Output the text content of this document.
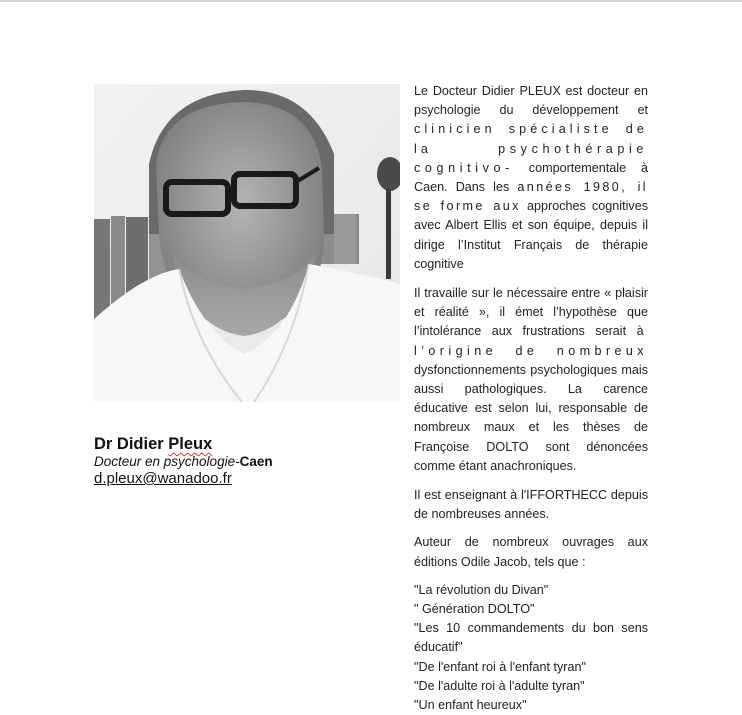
Dr Didier Pleux
Docteur en psychologie-Caen
d.pleux@wanadoo.fr

Le Docteur Didier PLEUX est docteur en psychologie du développement et clinicien spécialiste de la	psychothérapie cognitivo- comportementale à Caen. Dans les années 1980, il se forme aux approches cognitives avec Albert Ellis et son équipe, depuis il dirige l’Institut Français de thérapie cognitive

Il travaille sur le nécessaire entre « plaisir et réalité », il émet l’hypothèse que l’intolérance aux frustrations serait à l’origine de nombreux dysfonctionnements psychologiques mais aussi pathologiques. La carence éducative est selon lui, responsable de nombreux maux et les thèses de Françoise DOLTO sont dénoncées comme étant anachroniques.

Il est enseignant à l'IFFORTHECC depuis de nombreuses années.

Auteur de nombreux ouvrages aux éditions Odile Jacob, tels que :

"La révolution du Divan"
" Génération DOLTO"
"Les 10 commandements du bon sens éducatif"
"De l'enfant roi à l'enfant tyran"
"De l'adulte roi à l'adulte tyran"
"Un enfant heureux"
